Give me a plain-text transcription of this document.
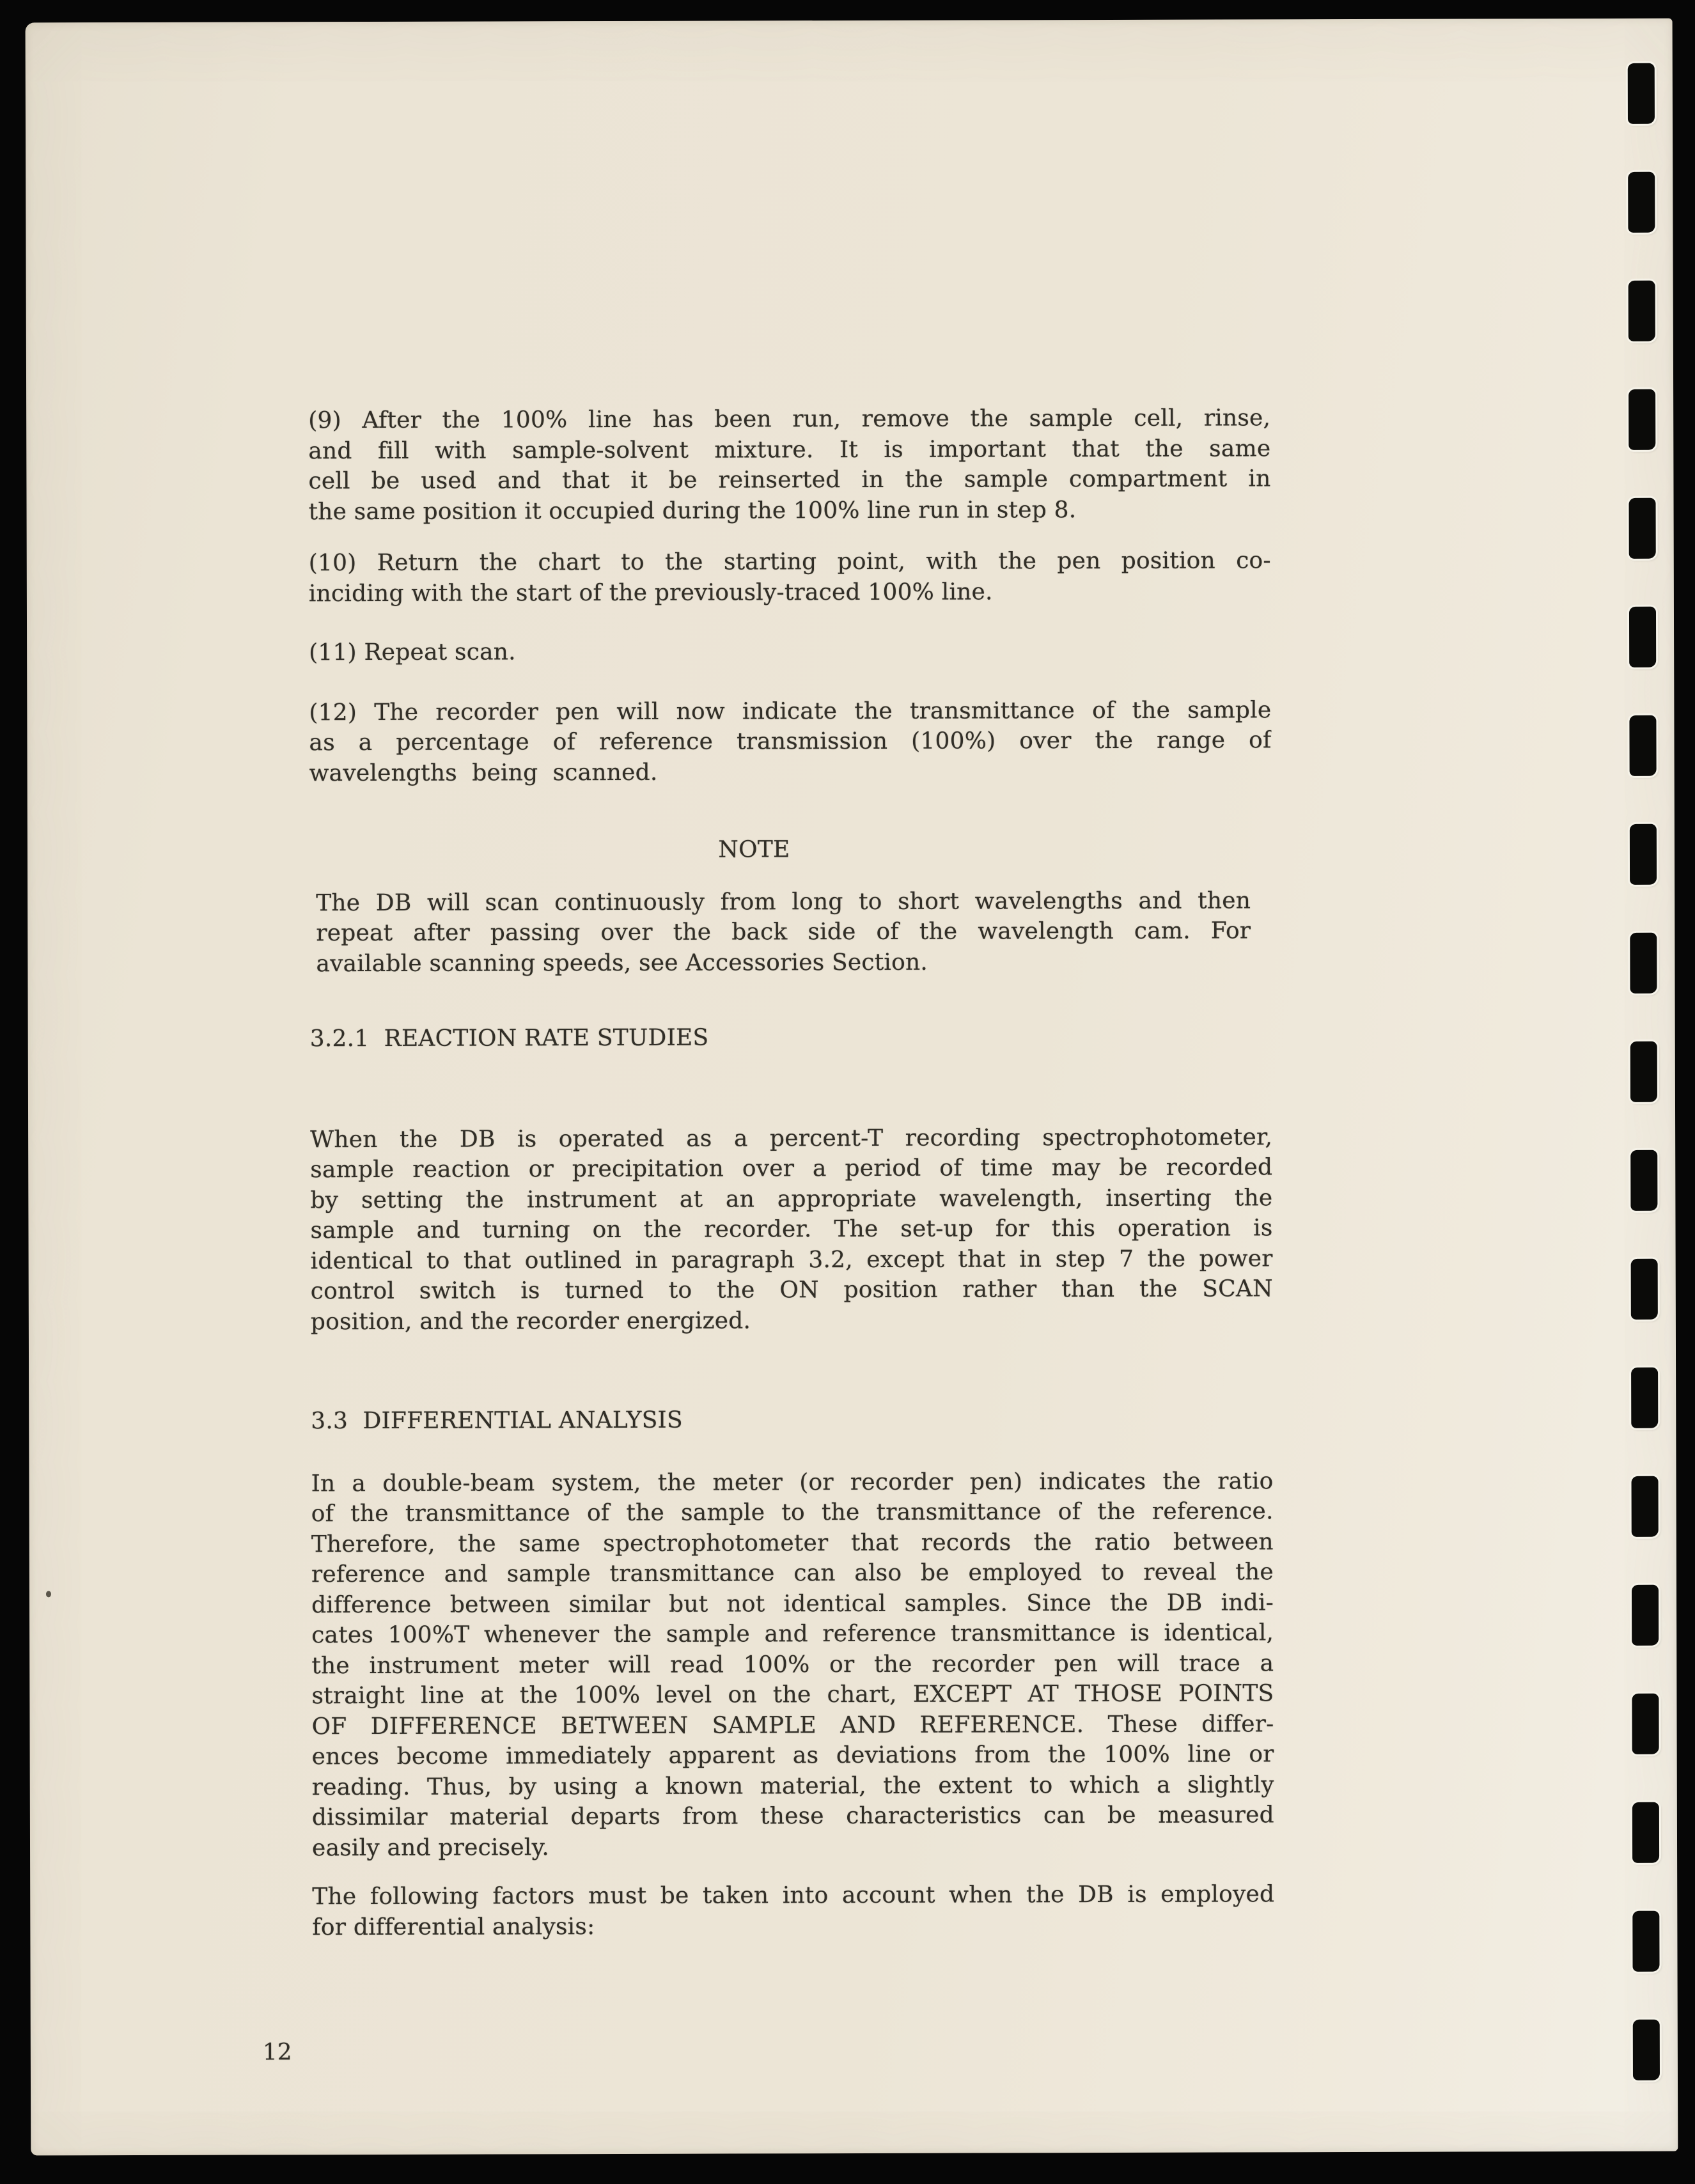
(9) After the 100% line has been run, remove the sample cell, rinse,
and fill with sample-solvent mixture. It is important that the same
cell be used and that it be reinserted in the sample compartment in
the same position it occupied during the 100% line run in step 8.
(10) Return the chart to the starting point, with the pen position co-
inciding with the start of the previously-traced 100% line.
(11) Repeat scan.
(12) The recorder pen will now indicate the transmittance of the sample
as a percentage of reference transmission (100%) over the range of
wavelengths  being  scanned.
NOTE
The DB will scan continuously from long to short wavelengths and then
repeat after passing over the back side of the wavelength cam. For
available scanning speeds, see Accessories Section.
3.2.1  REACTION RATE STUDIES
When the DB is operated as a percent-T recording spectrophotometer,
sample reaction or precipitation over a period of time may be recorded
by setting the instrument at an appropriate wavelength, inserting the
sample and turning on the recorder. The set-up for this operation is
identical to that outlined in paragraph 3.2, except that in step 7 the power
control switch is turned to the ON position rather than the SCAN
position, and the recorder energized.
3.3  DIFFERENTIAL ANALYSIS
In a double-beam system, the meter (or recorder pen) indicates the ratio
of the transmittance of the sample to the transmittance of the reference.
Therefore, the same spectrophotometer that records the ratio between
reference and sample transmittance can also be employed to reveal the
difference between similar but not identical samples. Since the DB indi-
cates 100%T whenever the sample and reference transmittance is identical,
the instrument meter will read 100% or the recorder pen will trace a
straight line at the 100% level on the chart, EXCEPT AT THOSE POINTS
OF DIFFERENCE BETWEEN SAMPLE AND REFERENCE. These differ-
ences become immediately apparent as deviations from the 100% line or
reading. Thus, by using a known material, the extent to which a slightly
dissimilar material departs from these characteristics can be measured
easily and precisely.
The following factors must be taken into account when the DB is employed
for differential analysis:
12
